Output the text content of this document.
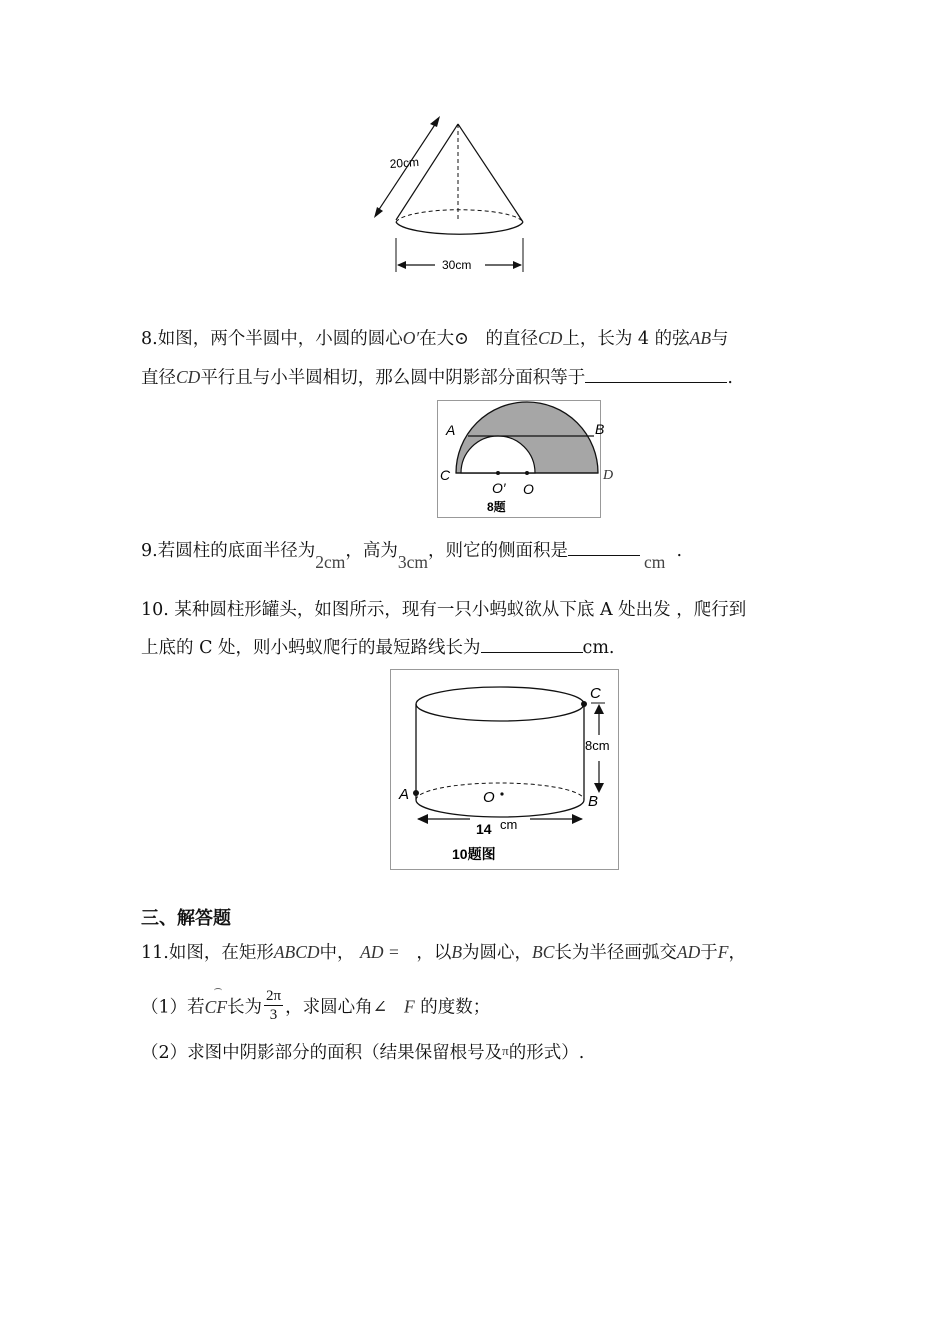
20cm
30cm
8.如图，两个半圆中，小圆的圆心O′在大⊙ 的直径CD上，长为 4 的弦AB与
直径CD平行且与小半圆相切，那么圆中阴影部分面积等于	.
A	B
C
O′ O
8题
D
9.若圆柱的底面半径为2cm，高为3cm，则它的侧面积是cm  .
10. 某种圆柱形罐头，如图所示，现有一只小蚂蚁欲从下底 A 处出发 ，爬行到
上底的 C 处，则小蚂蚁爬行的最短路线长为	cm.
8cm
14 cm
C
A	B
O
10题图
三、解答题
11.如图，在矩形ABCD中， AD = ，以B为圆心，BC长为半径画弧交AD于F，
（1）若CF长为 $\frac{2\pi}{3}$ ，求圆心角∠ F 的度数；
（2）求图中阴影部分的面积（结果保留根号及π的形式）.
